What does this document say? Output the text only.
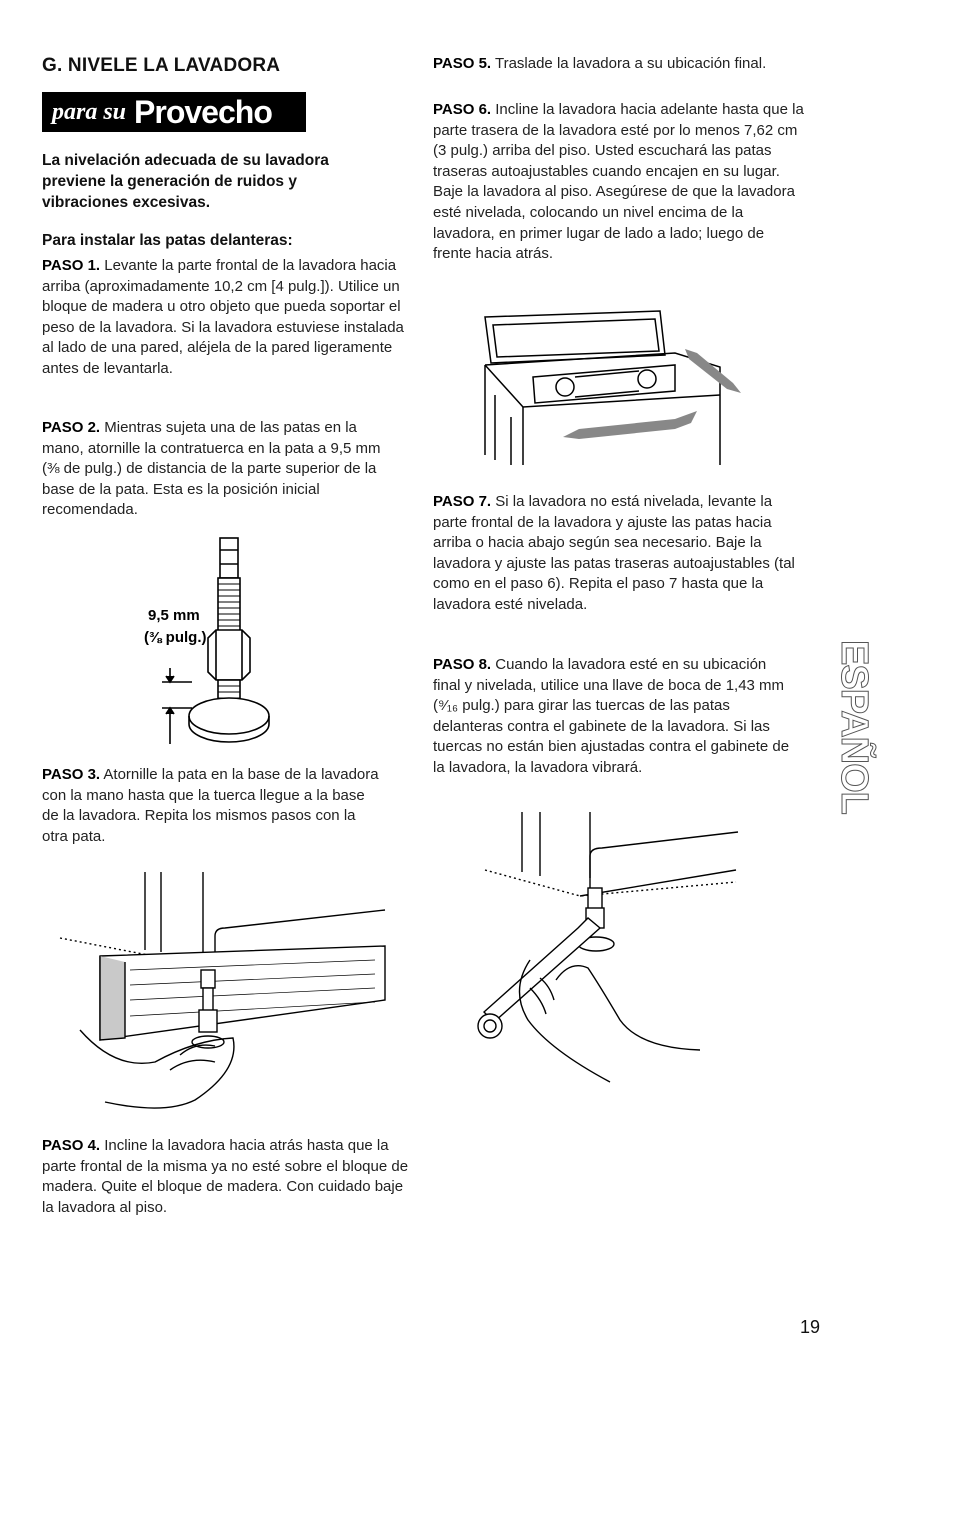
G. NIVELE LA LAVADORA
para su Provecho

La nivelación adecuada de su lavadora previene la generación de ruidos y vibraciones excesivas.

Para instalar las patas delanteras:

PASO 1. Levante la parte frontal de la lavadora hacia arriba (aproximadamente 10,2 cm [4 pulg.]). Utilice un bloque de madera u otro objeto que pueda soportar el peso de la lavadora. Si la lavadora estuviese instalada al lado de una pared, aléjela de la pared ligeramente antes de levantarla.

PASO 2. Mientras sujeta una de las patas en la mano, atornille la contratuerca en la pata a 9,5 mm (⅜ de pulg.) de distancia de la parte superior de la base de la pata. Esta es la posición inicial recomendada.

9,5 mm
(⅜ pulg.)

PASO 3. Atornille la pata en la base de la lavadora con la mano hasta que la tuerca llegue a la base de la lavadora. Repita los mismos pasos con la otra pata.

PASO 4. Incline la lavadora hacia atrás hasta que la parte frontal de la misma ya no esté sobre el bloque de madera. Quite el bloque de madera. Con cuidado baje la lavadora al piso.

PASO 5. Traslade la lavadora a su ubicación final.

PASO 6. Incline la lavadora hacia adelante hasta que la parte trasera de la lavadora esté por lo menos 7,62 cm (3 pulg.) arriba del piso. Usted escuchará las patas traseras autoajustables cuando encajen en su lugar. Baje la lavadora al piso. Asegúrese de que la lavadora esté nivelada, colocando un nivel encima de la lavadora, en primer lugar de lado a lado; luego de frente hacia atrás.

PASO 7. Si la lavadora no está nivelada, levante la parte frontal de la lavadora y ajuste las patas hacia arriba o hacia abajo según sea necesario. Baje la lavadora y ajuste las patas traseras autoajustables (tal como en el paso 6). Repita el paso 7 hasta que la lavadora esté nivelada.

PASO 8. Cuando la lavadora esté en su ubicación final y nivelada, utilice una llave de boca de 1,43 mm (⁹⁄₁₆ pulg.) para girar las tuercas de las patas delanteras contra el gabinete de la lavadora. Si las tuercas no están bien ajustadas contra el gabinete de la lavadora, la lavadora vibrará.	ESPAÑOL
19
